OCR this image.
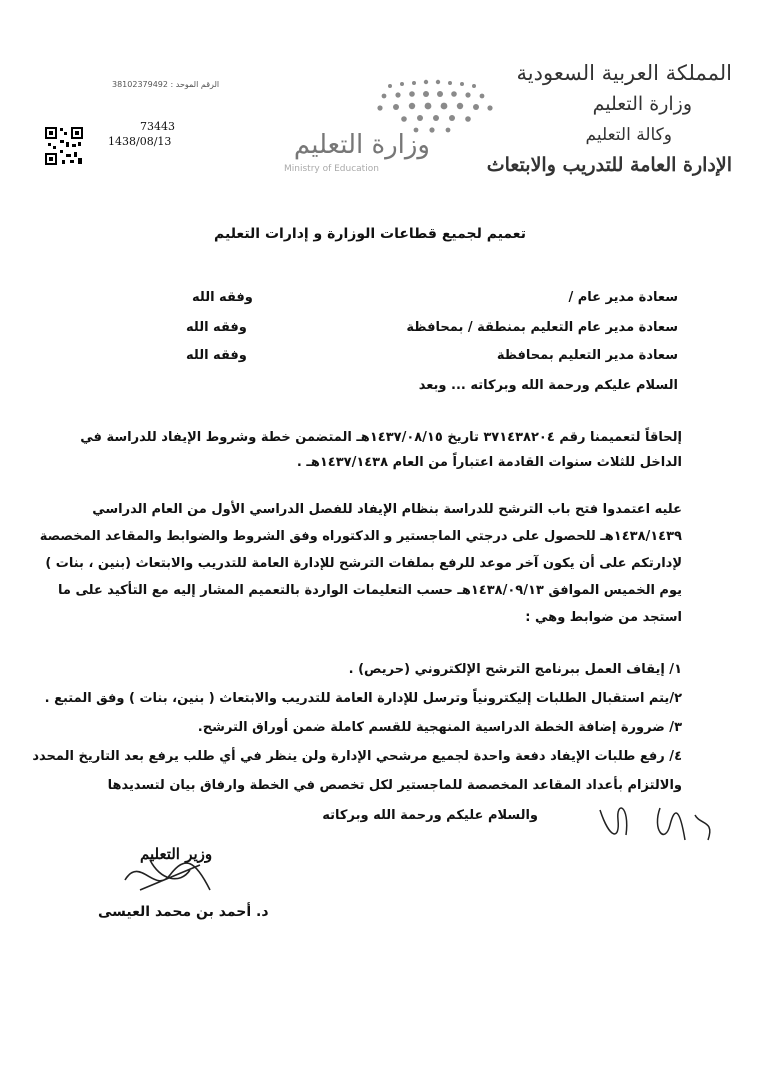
المملكة العربية السعودية
وزارة التعليم
وكالة التعليم
الإدارة العامة للتدريب والابتعاث
وزارة التعليم
Ministry of Education
الرقم الموحد : 38102379492
73443
1438/08/13
تعميم لجميع قطاعات الوزارة و إدارات التعليم
سعادة مدير عام /
وفقه الله
سعادة مدير عام التعليم بمنطقة / بمحافظة
وفقه الله
سعادة مدير التعليم بمحافظة
وفقه الله
السلام عليكم ورحمة الله وبركاته ... وبعد
إلحاقاً لتعميمنا رقم ٣٧١٤٣٨٢٠٤ تاريخ ١٤٣٧/٠٨/١٥هـ المتضمن خطة وشروط الإيفاد للدراسة في
الداخل للثلاث سنوات القادمة اعتباراً من العام ١٤٣٧/١٤٣٨هـ .
عليه اعتمدوا فتح باب الترشح للدراسة بنظام الإيفاد للفصل الدراسي الأول من العام الدراسي
١٤٣٨/١٤٣٩هـ للحصول على درجتي الماجستير و الدكتوراه وفق الشروط والضوابط والمقاعد المخصصة
لإدارتكم على أن يكون آخر موعد للرفع بملفات الترشح للإدارة العامة للتدريب والابتعاث (بنين ، بنات )
يوم الخميس الموافق ١٤٣٨/٠٩/١٣هـ حسب التعليمات الواردة بالتعميم المشار إليه مع التأكيد على ما
استجد من ضوابط وهي :
١/ إيقاف العمل ببرنامج الترشح الإلكتروني (حريص) .
٢/يتم استقبال الطلبات إليكترونياً وترسل للإدارة العامة للتدريب والابتعاث ( بنين، بنات ) وفق المتبع .
٣/ ضرورة إضافة الخطة الدراسية المنهجية للقسم كاملة ضمن أوراق الترشح.
٤/ رفع طلبات الإيفاد دفعة واحدة لجميع مرشحي الإدارة ولن ينظر في أي طلب يرفع بعد التاريخ المحدد
والالتزام بأعداد المقاعد المخصصة للماجستير لكل تخصص في الخطة وارفاق بيان لتسديدها
والسلام عليكم ورحمة الله وبركاته
وزير التعليم
د. أحمد بن محمد العيسى
